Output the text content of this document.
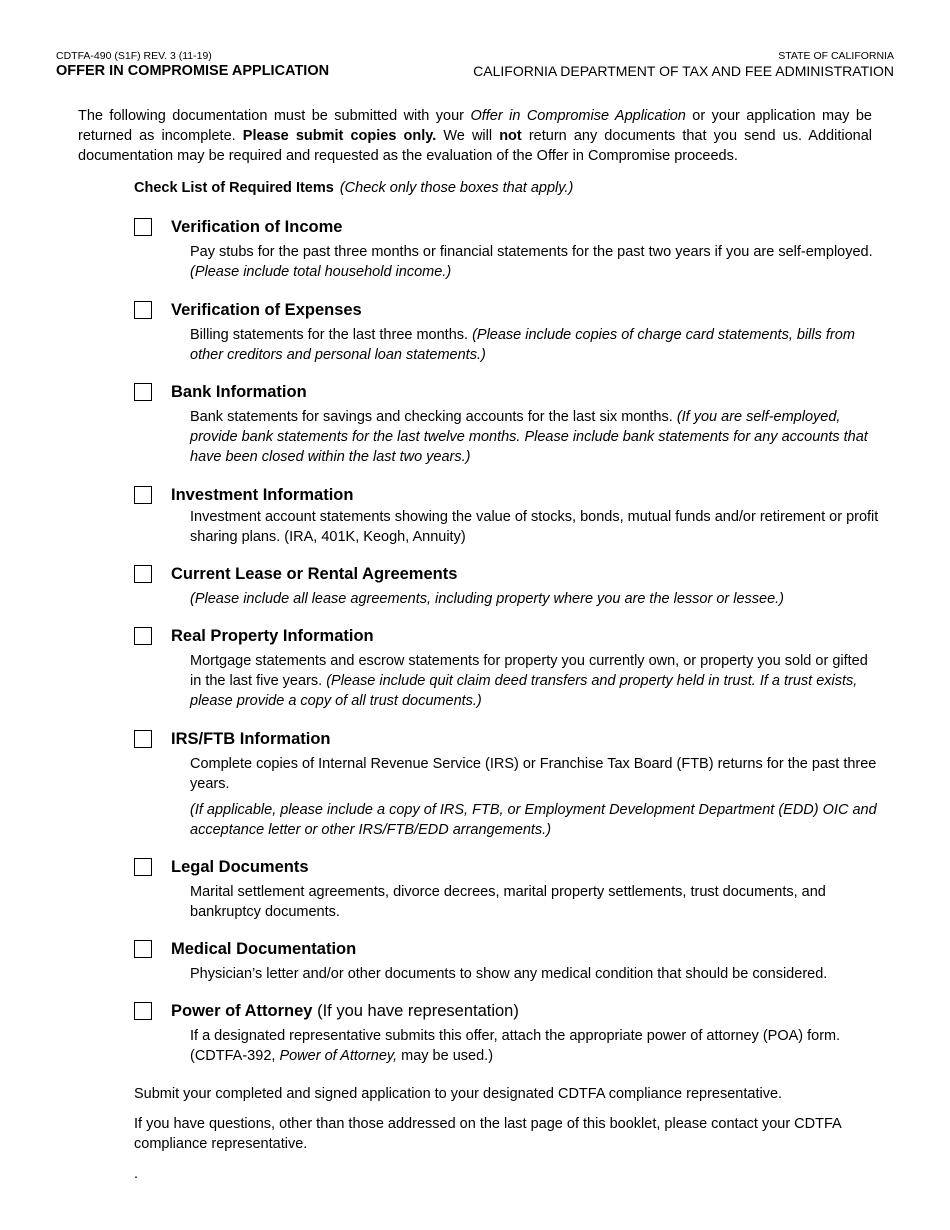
CDTFA-490 (S1F) REV. 3 (11-19)
OFFER IN COMPROMISE APPLICATION
STATE OF CALIFORNIA
CALIFORNIA DEPARTMENT OF TAX AND FEE ADMINISTRATION
The following documentation must be submitted with your Offer in Compromise Application or your application may be returned as incomplete. Please submit copies only. We will not return any documents that you send us. Additional documentation may be required and requested as the evaluation of the Offer in Compromise proceeds.
Check List of Required Items (Check only those boxes that apply.)
Verification of Income
Pay stubs for the past three months or financial statements for the past two years if you are self-employed. (Please include total household income.)
Verification of Expenses
Billing statements for the last three months. (Please include copies of charge card statements, bills from other creditors and personal loan statements.)
Bank Information
Bank statements for savings and checking accounts for the last six months. (If you are self-employed, provide bank statements for the last twelve months. Please include bank statements for any accounts that have been closed within the last two years.)
Investment Information
Investment account statements showing the value of stocks, bonds, mutual funds and/or retirement or profit sharing plans. (IRA, 401K, Keogh, Annuity)
Current Lease or Rental Agreements
(Please include all lease agreements, including property where you are the lessor or lessee.)
Real Property Information
Mortgage statements and escrow statements for property you currently own, or property you sold or gifted in the last five years. (Please include quit claim deed transfers and property held in trust. If a trust exists, please provide a copy of all trust documents.)
IRS/FTB Information

Complete copies of Internal Revenue Service (IRS) or Franchise Tax Board (FTB) returns for the past three years.

(If applicable, please include a copy of IRS, FTB, or Employment Development Department (EDD) OIC and acceptance letter or other IRS/FTB/EDD arrangements.)

Legal Documents
Marital settlement agreements, divorce decrees, marital property settlements, trust documents, and bankruptcy documents.
Medical Documentation
Physician’s letter and/or other documents to show any medical condition that should be considered.
Power of Attorney (If you have representation)
If a designated representative submits this offer, attach the appropriate power of attorney (POA) form. (CDTFA-392, Power of Attorney, may be used.)
Submit your completed and signed application to your designated CDTFA compliance representative.
If you have questions, other than those addressed on the last page of this booklet, please contact your CDTFA compliance representative.
.
